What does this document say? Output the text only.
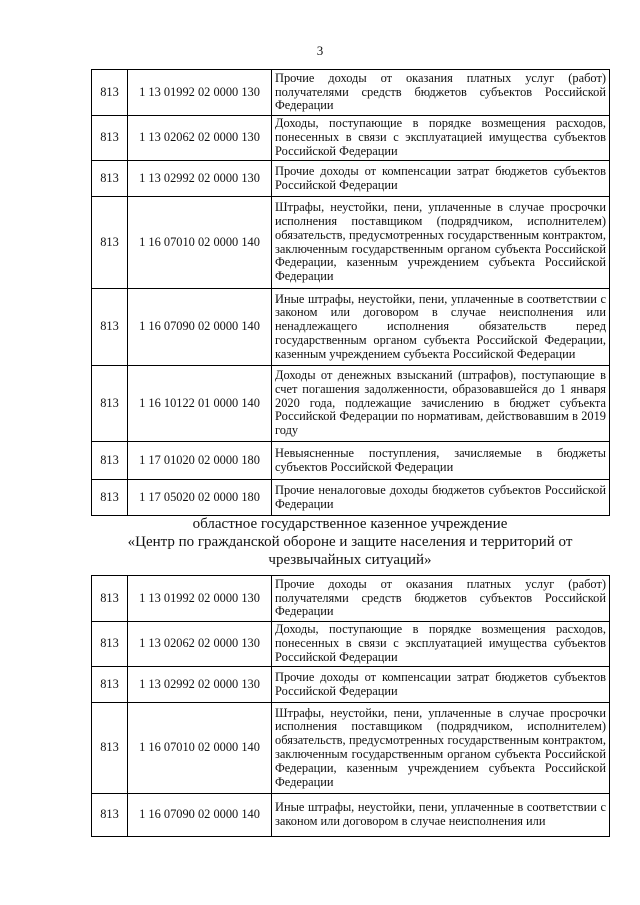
3
813	1 13 01992 02 0000 130	Прочие доходы от оказания платных услуг (работ) получателями средств бюджетов субъектов Российской Федерации
813	1 13 02062 02 0000 130	Доходы, поступающие в порядке возмещения расходов, понесенных в связи с эксплуатацией имущества субъектов Российской Федерации
813	1 13 02992 02 0000 130	Прочие доходы от компенсации затрат бюджетов субъектов Российской Федерации
813	1 16 07010 02 0000 140	Штрафы, неустойки, пени, уплаченные в случае просрочки исполнения поставщиком (подрядчиком, исполнителем) обязательств, предусмотренных государственным контрактом, заключенным государственным органом субъекта Российской Федерации, казенным учреждением субъекта Российской Федерации
813	1 16 07090 02 0000 140	Иные штрафы, неустойки, пени, уплаченные в соответствии с законом или договором в случае неисполнения или ненадлежащего исполнения обязательств перед государственным органом субъекта Российской Федерации, казенным учреждением субъекта Российской Федерации
813	1 16 10122 01 0000 140	Доходы от денежных взысканий (штрафов), поступающие в счет погашения задолженности, образовавшейся до 1 января 2020 года, подлежащие зачислению в бюджет субъекта Российской Федерации по нормативам, действовавшим в 2019 году
813	1 17 01020 02 0000 180	Невыясненные поступления, зачисляемые в бюджеты субъектов Российской Федерации
813	1 17 05020 02 0000 180	Прочие неналоговые доходы бюджетов субъектов Российской Федерации
областное государственное казенное учреждение
«Центр по гражданской обороне и защите населения и территорий от
чрезвычайных ситуаций»
813	1 13 01992 02 0000 130	Прочие доходы от оказания платных услуг (работ) получателями средств бюджетов субъектов Российской Федерации
813	1 13 02062 02 0000 130	Доходы, поступающие в порядке возмещения расходов, понесенных в связи с эксплуатацией имущества субъектов Российской Федерации
813	1 13 02992 02 0000 130	Прочие доходы от компенсации затрат бюджетов субъектов Российской Федерации
813	1 16 07010 02 0000 140	Штрафы, неустойки, пени, уплаченные в случае просрочки исполнения поставщиком (подрядчиком, исполнителем) обязательств, предусмотренных государственным контрактом, заключенным государственным органом субъекта Российской Федерации, казенным учреждением субъекта Российской Федерации
813	1 16 07090 02 0000 140	Иные штрафы, неустойки, пени, уплаченные в соответствии с законом или договором в случае неисполнения или
